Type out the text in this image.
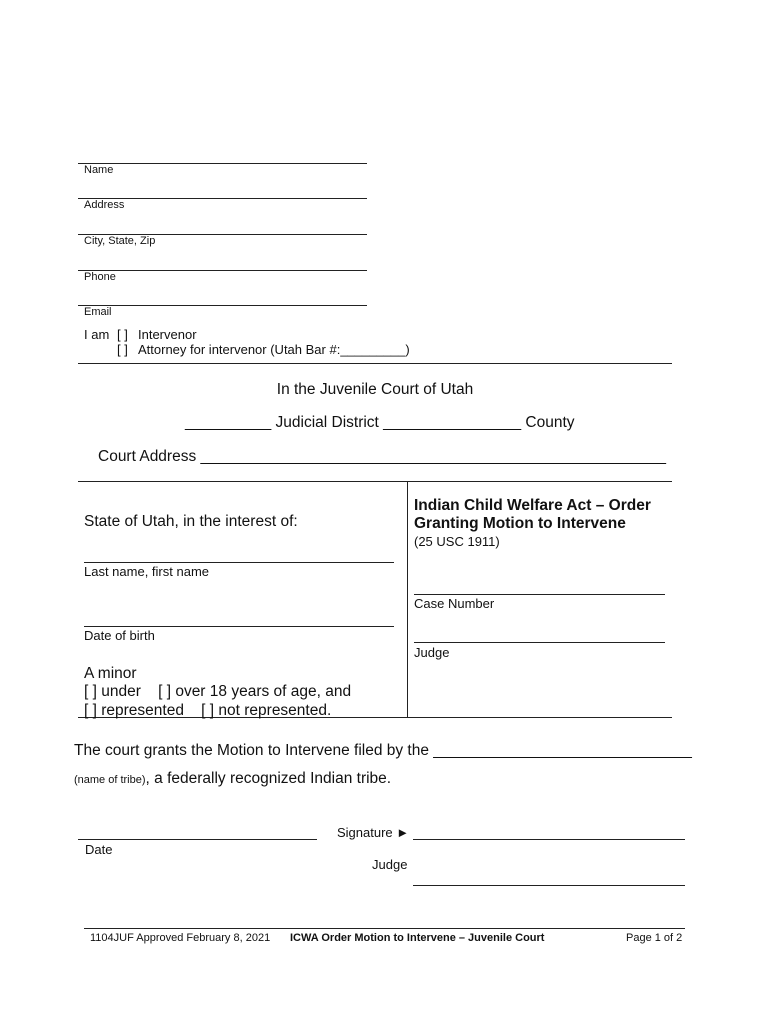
Name
Address
City, State, Zip
Phone
Email
I am [ ] Intervenor
[ ] Attorney for intervenor (Utah Bar #:_________)
In the Juvenile Court of Utah
__________ Judicial District ________________ County
Court Address ______________________________________________________
State of Utah, in the interest of:
Last name, first name
Date of birth
A minor
[ ] under    [ ] over 18 years of age, and
[ ] represented    [ ] not represented.
Indian Child Welfare Act – Order
Granting Motion to Intervene
(25 USC 1911)
Case Number
Judge
The court grants the Motion to Intervene filed by the ______________________________
(name of tribe), a federally recognized Indian tribe.
Date
Signature ►
Judge
1104JUF Approved February 8, 2021 ICWA Order Motion to Intervene – Juvenile Court	Page 1 of 2
